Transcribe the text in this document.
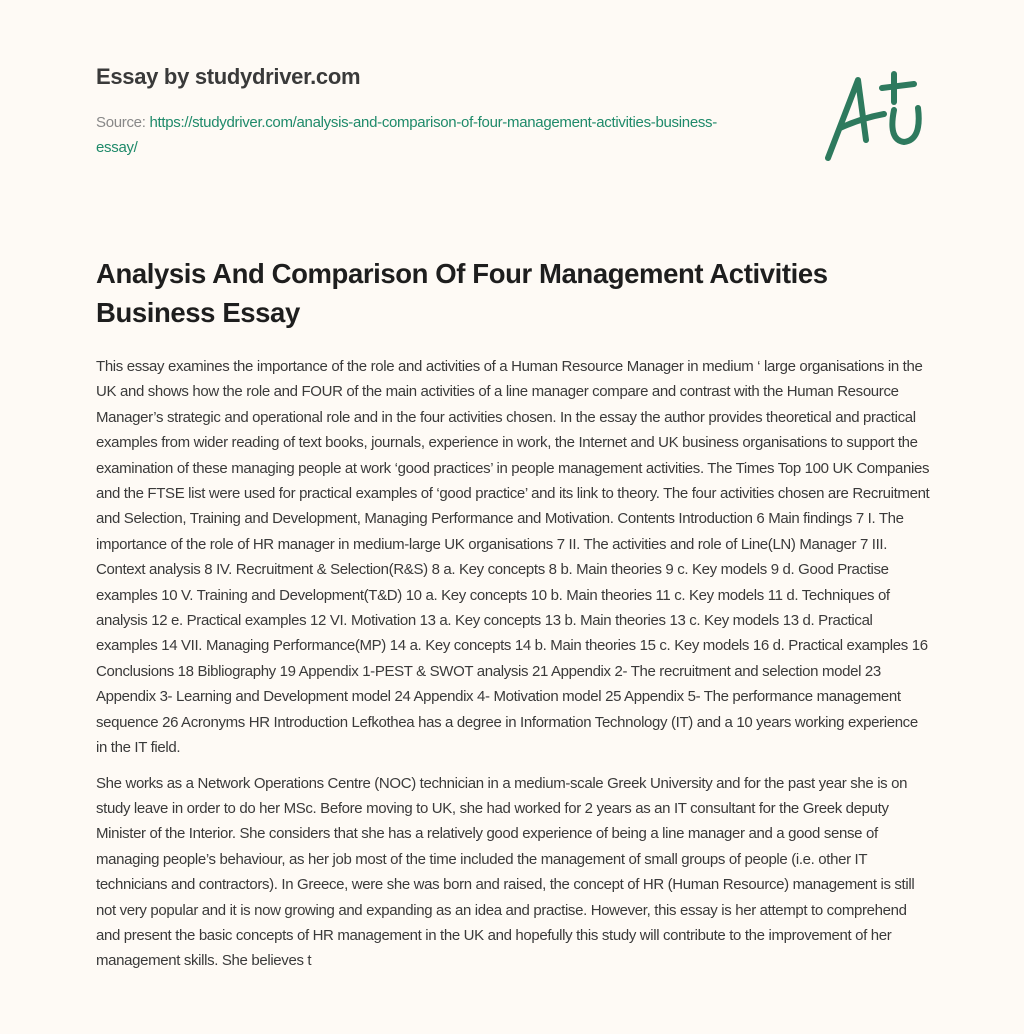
Essay by studydriver.com
Source: https://studydriver.com/analysis-and-comparison-of-four-management-activities-business-essay/
Analysis And Comparison Of Four Management Activities Business Essay

This essay examines the importance of the role and activities of a Human Resource Manager in medium ‘ large organisations in the UK and shows how the role and FOUR of the main activities of a line manager compare and contrast with the Human Resource Manager’s strategic and operational role and in the four activities chosen. In the essay the author provides theoretical and practical examples from wider reading of text books, journals, experience in work, the Internet and UK business organisations to support the examination of these managing people at work ‘good practices’ in people management activities. The Times Top 100 UK Companies and the FTSE list were used for practical examples of ‘good practice’ and its link to theory. The four activities chosen are Recruitment and Selection, Training and Development, Managing Performance and Motivation. Contents Introduction 6 Main findings 7 I. The importance of the role of HR manager in medium-large UK organisations 7 II. The activities and role of Line(LN) Manager 7 III. Context analysis 8 IV. Recruitment & Selection(R&S) 8 a. Key concepts 8 b. Main theories 9 c. Key models 9 d. Good Practise examples 10 V. Training and Development(T&D) 10 a. Key concepts 10 b. Main theories 11 c. Key models 11 d. Techniques of analysis 12 e. Practical examples 12 VI. Motivation 13 a. Key concepts 13 b. Main theories 13 c. Key models 13 d. Practical examples 14 VII. Managing Performance(MP) 14 a. Key concepts 14 b. Main theories 15 c. Key models 16 d. Practical examples 16 Conclusions 18 Bibliography 19 Appendix 1-PEST & SWOT analysis 21 Appendix 2- The recruitment and selection model 23 Appendix 3- Learning and Development model 24 Appendix 4- Motivation model 25 Appendix 5- The performance management sequence 26 Acronyms HR Introduction Lefkothea has a degree in Information Technology (IT) and a 10 years working experience in the IT field.

She works as a Network Operations Centre (NOC) technician in a medium-scale Greek University and for the past year she is on study leave in order to do her MSc. Before moving to UK, she had worked for 2 years as an IT consultant for the Greek deputy Minister of the Interior. She considers that she has a relatively good experience of being a line manager and a good sense of managing people’s behaviour, as her job most of the time included the management of small groups of people (i.e. other IT technicians and contractors). In Greece, were she was born and raised, the concept of HR (Human Resource) management is still not very popular and it is now growing and expanding as an idea and practise. However, this essay is her attempt to comprehend and present the basic concepts of HR management in the UK and hopefully this study will contribute to the improvement of her management skills. She believes t
